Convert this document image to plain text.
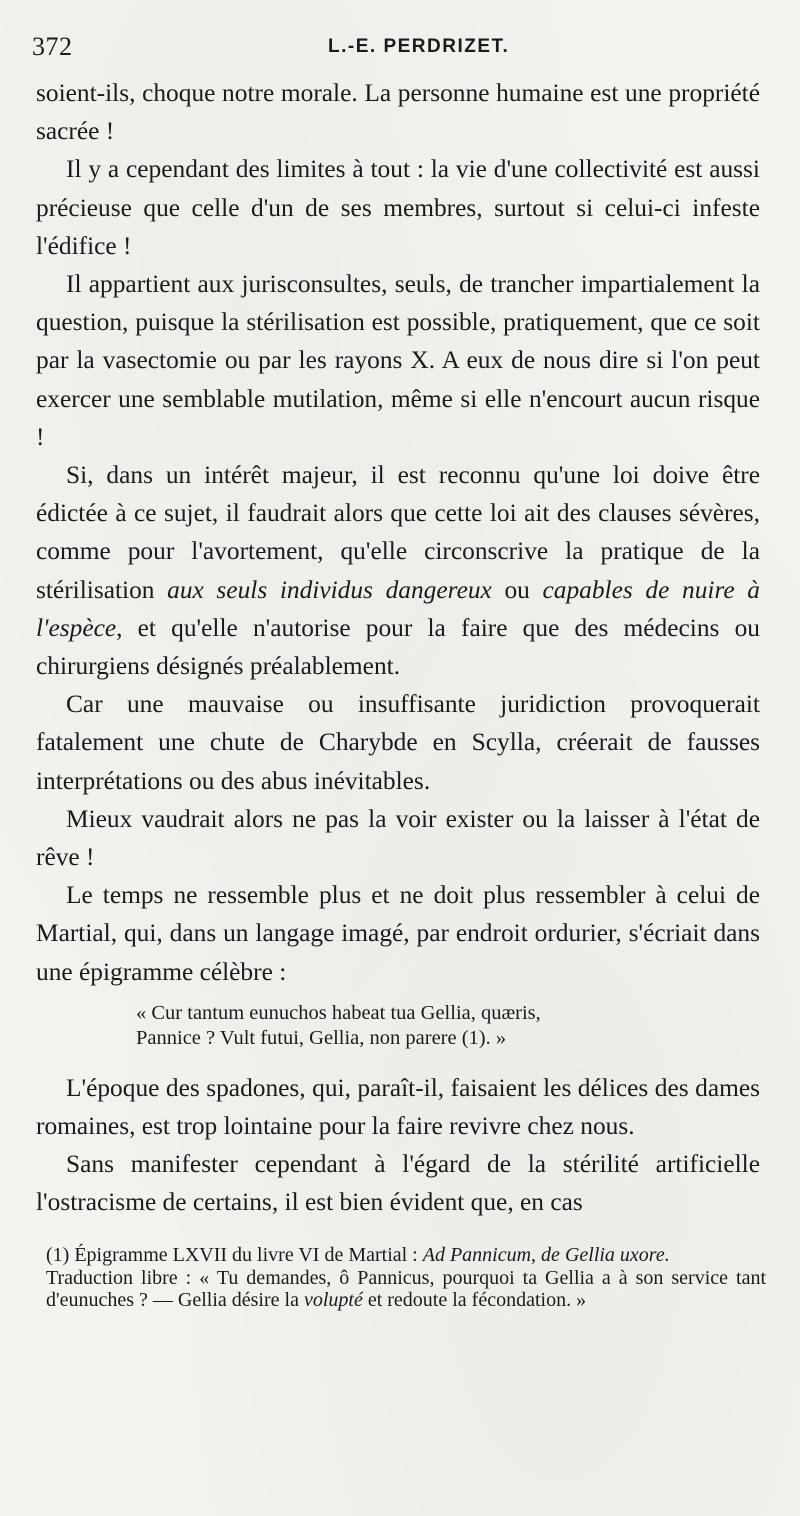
372	L.-E. PERDRIZET.

soient-ils, choque notre morale. La personne humaine est une propriété sacrée !

Il y a cependant des limites à tout : la vie d'une collectivité est aussi précieuse que celle d'un de ses membres, surtout si celui-ci infeste l'édifice !

Il appartient aux jurisconsultes, seuls, de trancher impartialement la question, puisque la stérilisation est possible, pratiquement, que ce soit par la vasectomie ou par les rayons X. A eux de nous dire si l'on peut exercer une semblable mutilation, même si elle n'encourt aucun risque !

Si, dans un intérêt majeur, il est reconnu qu'une loi doive être édictée à ce sujet, il faudrait alors que cette loi ait des clauses sévères, comme pour l'avortement, qu'elle circonscrive la pratique de la stérilisation aux seuls individus dangereux ou capables de nuire à l'espèce, et qu'elle n'autorise pour la faire que des médecins ou chirurgiens désignés préalablement.

Car une mauvaise ou insuffisante juridiction provoquerait fatalement une chute de Charybde en Scylla, créerait de fausses interprétations ou des abus inévitables.

Mieux vaudrait alors ne pas la voir exister ou la laisser à l'état de rêve !

Le temps ne ressemble plus et ne doit plus ressembler à celui de Martial, qui, dans un langage imagé, par endroit ordurier, s'écriait dans une épigramme célèbre :

« Cur tantum eunuchos habeat tua Gellia, quæris,
Pannice ? Vult futui, Gellia, non parere (1). »

L'époque des spadones, qui, paraît-il, faisaient les délices des dames romaines, est trop lointaine pour la faire revivre chez nous.

Sans manifester cependant à l'égard de la stérilité artificielle l'ostracisme de certains, il est bien évident que, en cas

(1) Épigramme LXVII du livre VI de Martial : Ad Pannicum, de Gellia uxore.

Traduction libre : « Tu demandes, ô Pannicus, pourquoi ta Gellia a à son service tant d'eunuches ? — Gellia désire la volupté et redoute la fécondation. »
